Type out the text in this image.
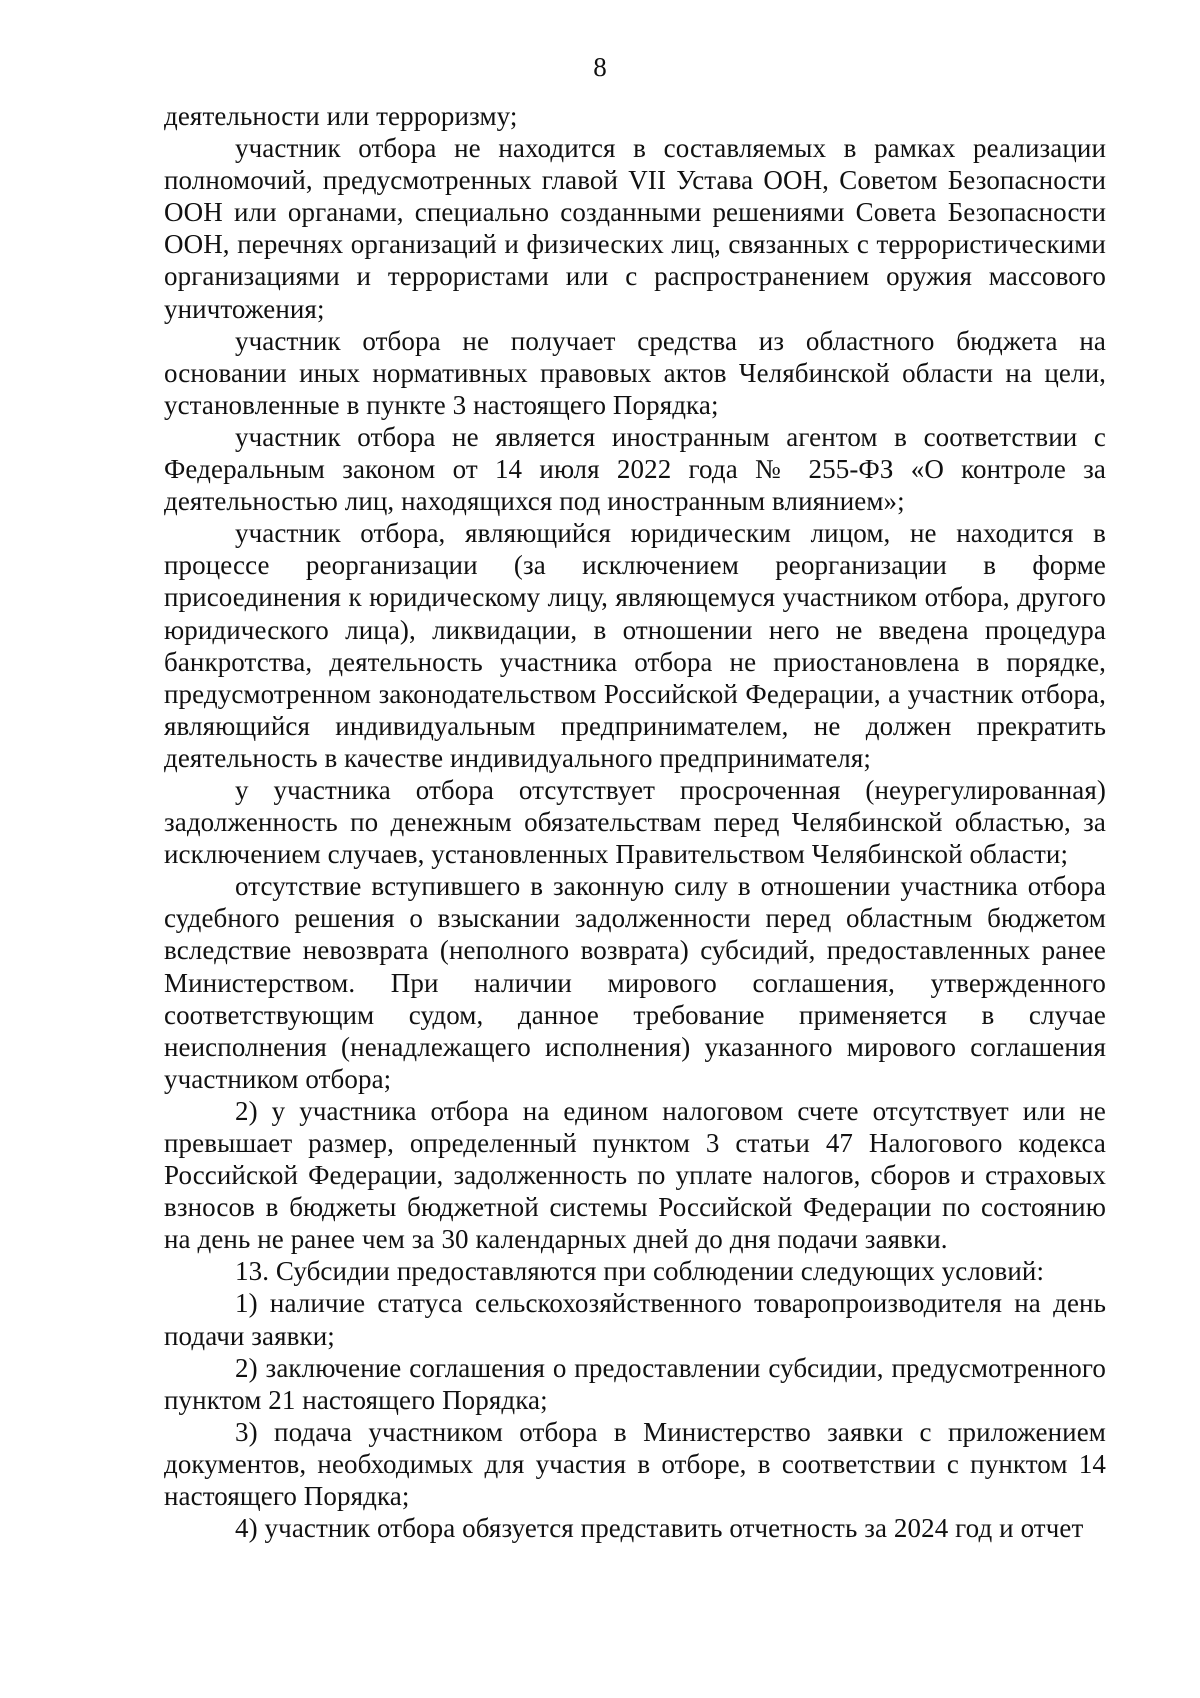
8

деятельности или терроризму;

участник отбора не находится в составляемых в рамках реализации полномочий, предусмотренных главой VII Устава ООН, Советом Безопасности ООН или органами, специально созданными решениями Совета Безопасности ООН, перечнях организаций и физических лиц, связанных с террористическими организациями и террористами или с распространением оружия массового уничтожения;

участник отбора не получает средства из областного бюджета на основании иных нормативных правовых актов Челябинской области на цели, установленные в пункте 3 настоящего Порядка;

участник отбора не является иностранным агентом в соответствии с Федеральным законом от 14 июля 2022 года № 255-ФЗ «О контроле за деятельностью лиц, находящихся под иностранным влиянием»;

участник отбора, являющийся юридическим лицом, не находится в процессе реорганизации (за исключением реорганизации в форме присоединения к юридическому лицу, являющемуся участником отбора, другого юридического лица), ликвидации, в отношении него не введена процедура банкротства, деятельность участника отбора не приостановлена в порядке, предусмотренном законодательством Российской Федерации, а участник отбора, являющийся индивидуальным предпринимателем, не должен прекратить деятельность в качестве индивидуального предпринимателя;

у участника отбора отсутствует просроченная (неурегулированная) задолженность по денежным обязательствам перед Челябинской областью, за исключением случаев, установленных Правительством Челябинской области;

отсутствие вступившего в законную силу в отношении участника отбора судебного решения о взыскании задолженности перед областным бюджетом вследствие невозврата (неполного возврата) субсидий, предоставленных ранее Министерством. При наличии мирового соглашения, утвержденного соответствующим судом, данное требование применяется в случае неисполнения (ненадлежащего исполнения) указанного мирового соглашения участником отбора;

2) у участника отбора на едином налоговом счете отсутствует или не превышает размер, определенный пунктом 3 статьи 47 Налогового кодекса Российской Федерации, задолженность по уплате налогов, сборов и страховых взносов в бюджеты бюджетной системы Российской Федерации по состоянию на день не ранее чем за 30 календарных дней до дня подачи заявки.

13. Субсидии предоставляются при соблюдении следующих условий:

1) наличие статуса сельскохозяйственного товаропроизводителя на день подачи заявки;

2) заключение соглашения о предоставлении субсидии, предусмотренного пунктом 21 настоящего Порядка;

3) подача участником отбора в Министерство заявки с приложением документов, необходимых для участия в отборе, в соответствии с пунктом 14 настоящего Порядка;

4) участник отбора обязуется представить отчетность за 2024 год и отчет
